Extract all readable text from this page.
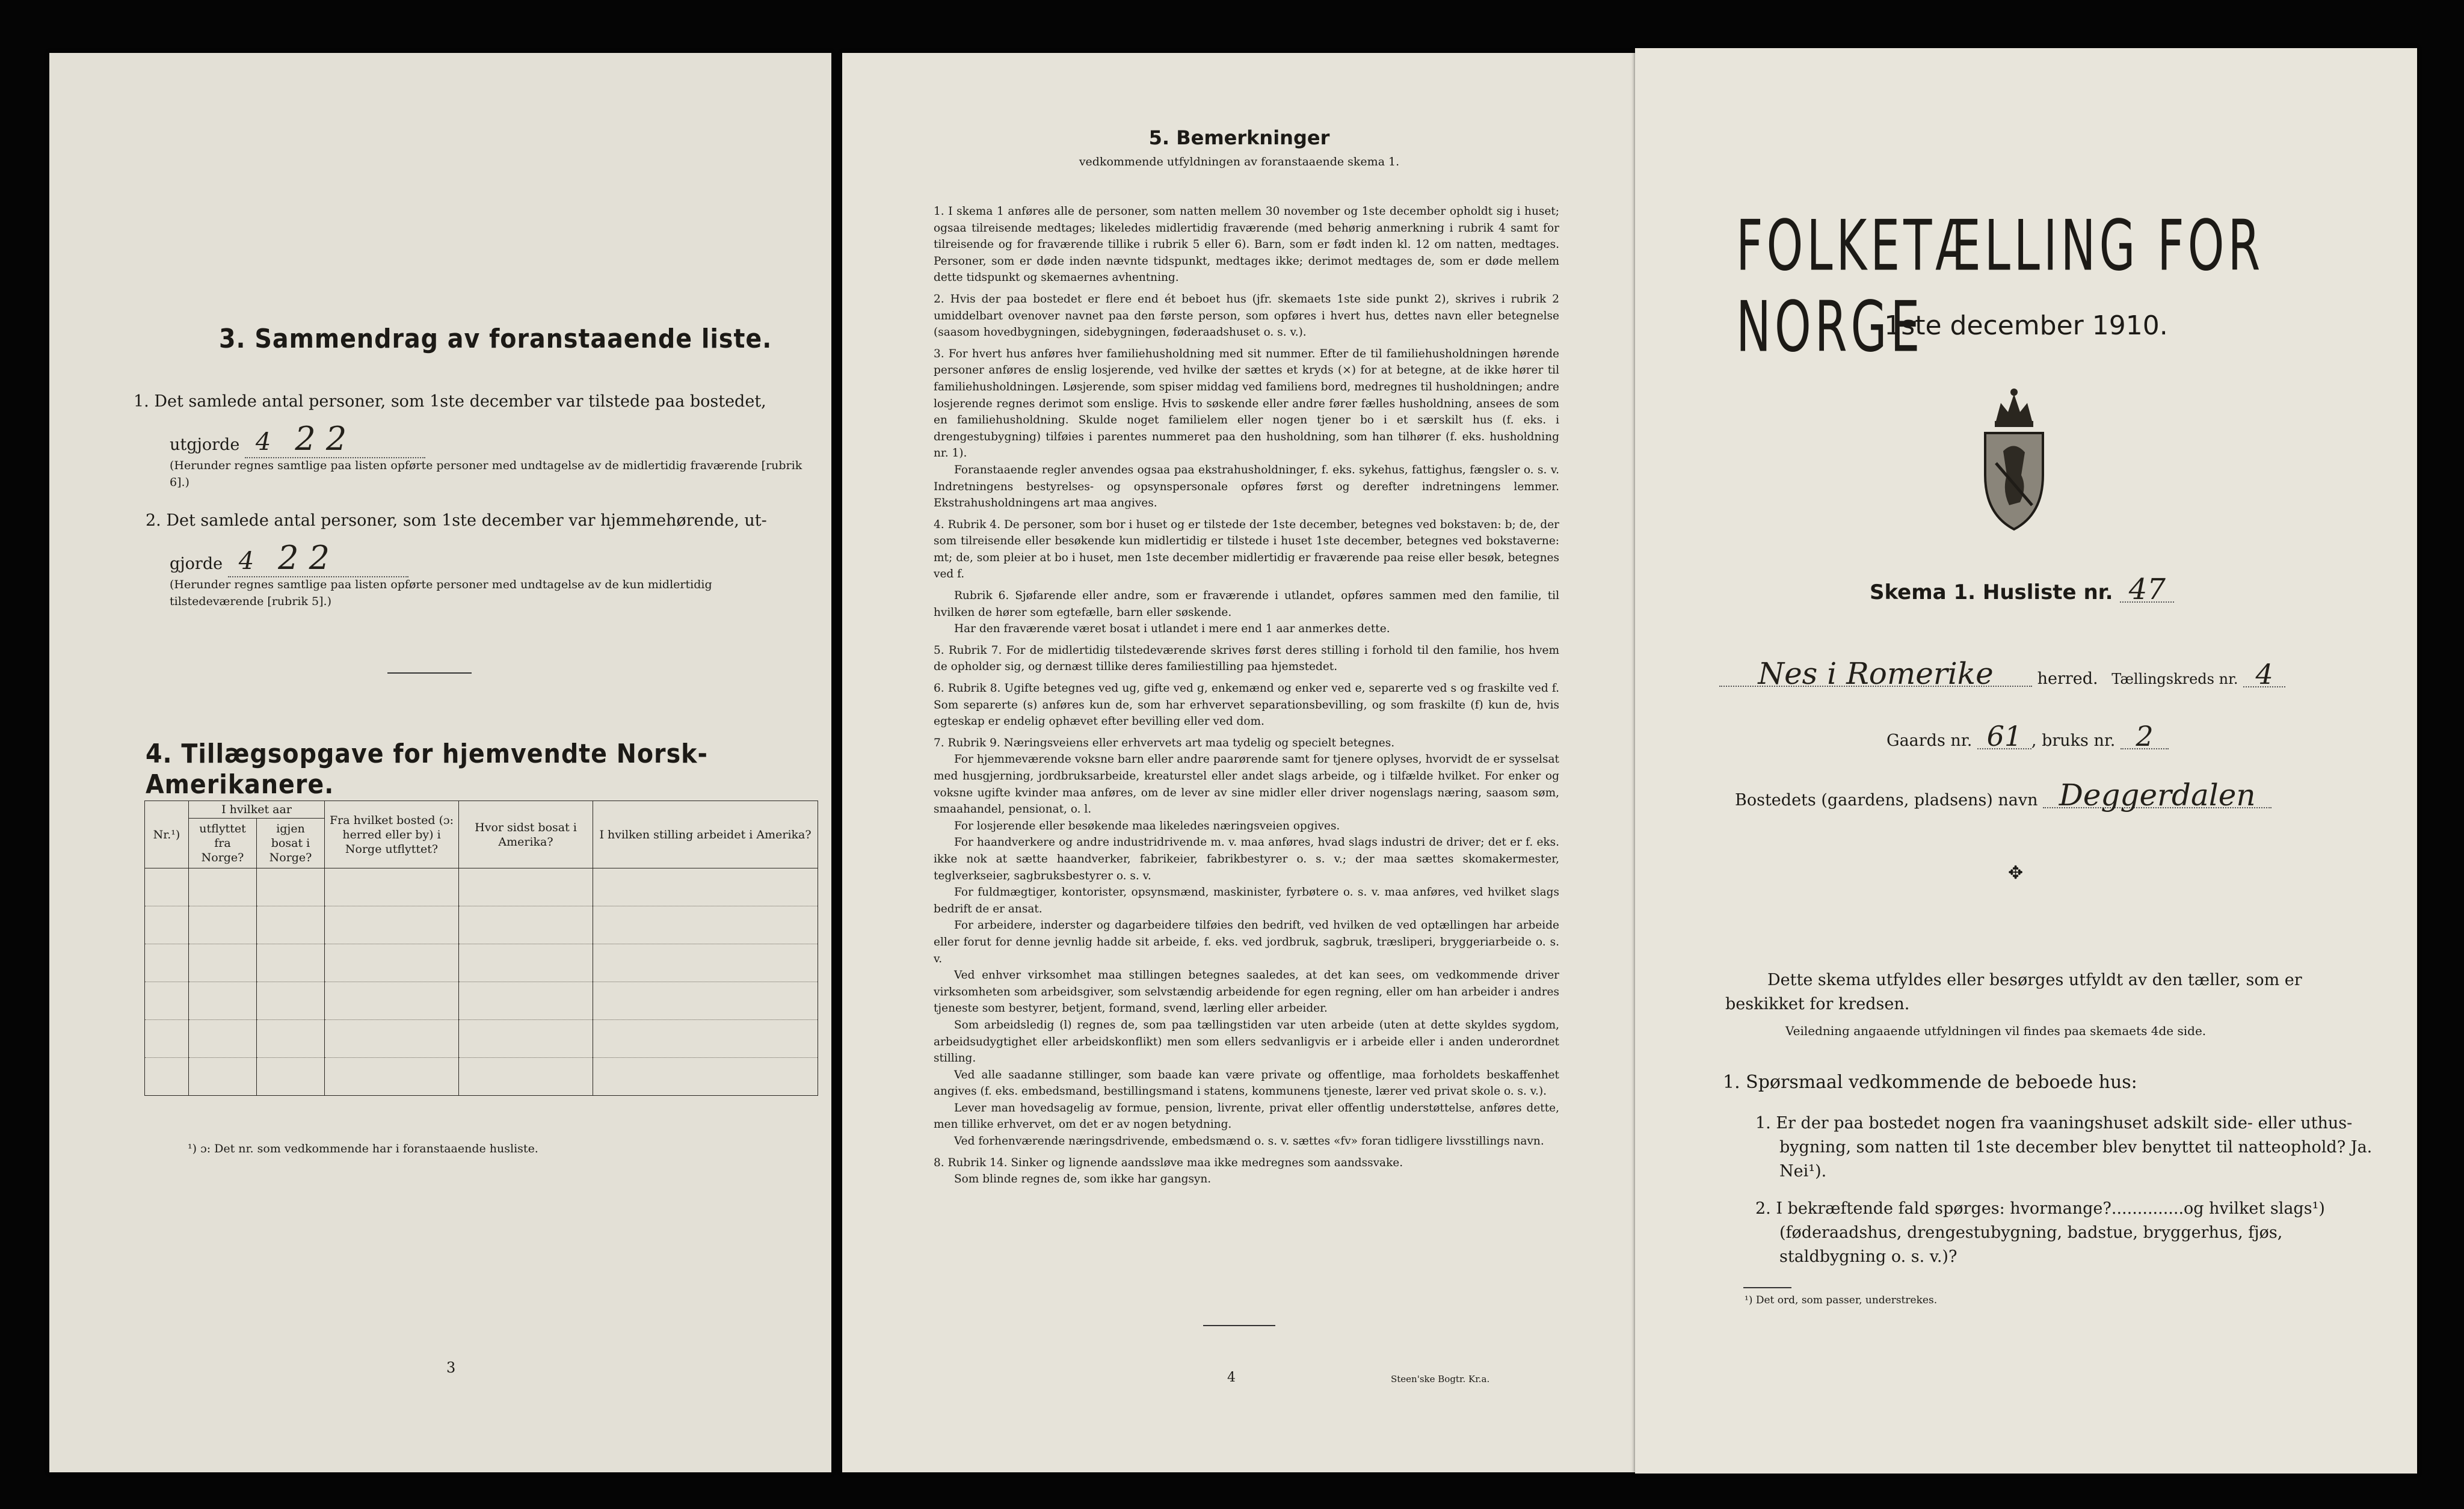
3. Sammendrag av foranstaaende liste.
1. Det samlede antal personer, som 1ste december var tilstede paa bostedet,
utgjorde 4 2 2
(Herunder regnes samtlige paa listen opførte personer med undtagelse av de midlertidig fraværende [rubrik 6].)
2. Det samlede antal personer, som 1ste december var hjemmehørende, ut-
gjorde 4 2 2
(Herunder regnes samtlige paa listen opførte personer med undtagelse av de kun midlertidig tilstedeværende [rubrik 5].)
4. Tillægsopgave for hjemvendte Norsk-Amerikanere.
Nr.¹)	I hvilket aar		Fra hvilket bosted (ɔ: herred eller by) i Norge utflyttet?	Hvor sidst bosat i Amerika?	I hvilken stilling arbeidet i Amerika?
	utflyttet fra Norge?	igjen bosat i Norge?			

¹) ɔ: Det nr. som vedkommende har i foranstaaende husliste.
3
5. Bemerkninger
vedkommende utfyldningen av foranstaaende skema 1.

1. I skema 1 anføres alle de personer, som natten mellem 30 november og 1ste december opholdt sig i huset; ogsaa tilreisende medtages; likeledes midlertidig fraværende (med behørig anmerkning i rubrik 4 samt for tilreisende og for fraværende tillike i rubrik 5 eller 6). Barn, som er født inden kl. 12 om natten, medtages. Personer, som er døde inden nævnte tidspunkt, medtages ikke; derimot medtages de, som er døde mellem dette tidspunkt og skemaernes avhentning.

2. Hvis der paa bostedet er flere end ét beboet hus (jfr. skemaets 1ste side punkt 2), skrives i rubrik 2 umiddelbart ovenover navnet paa den første person, som opføres i hvert hus, dettes navn eller betegnelse (saasom hovedbygningen, sidebygningen, føderaadshuset o. s. v.).

3. For hvert hus anføres hver familiehusholdning med sit nummer. Efter de til familiehusholdningen hørende personer anføres de enslig losjerende, ved hvilke der sættes et kryds (×) for at betegne, at de ikke hører til familiehusholdningen. Løsjerende, som spiser middag ved familiens bord, medregnes til husholdningen; andre losjerende regnes derimot som enslige. Hvis to søskende eller andre fører fælles husholdning, ansees de som en familiehusholdning. Skulde noget familielem eller nogen tjener bo i et særskilt hus (f. eks. i drengestubygning) tilføies i parentes nummeret paa den husholdning, som han tilhører (f. eks. husholdning nr. 1).

Foranstaaende regler anvendes ogsaa paa ekstrahusholdninger, f. eks. sykehus, fattighus, fængsler o. s. v. Indretningens bestyrelses- og opsynspersonale opføres først og derefter indretningens lemmer. Ekstrahusholdningens art maa angives.

4. Rubrik 4. De personer, som bor i huset og er tilstede der 1ste december, betegnes ved bokstaven: b; de, der som tilreisende eller besøkende kun midlertidig er tilstede i huset 1ste december, betegnes ved bokstaverne: mt; de, som pleier at bo i huset, men 1ste december midlertidig er fraværende paa reise eller besøk, betegnes ved f.

Rubrik 6. Sjøfarende eller andre, som er fraværende i utlandet, opføres sammen med den familie, til hvilken de hører som egtefælle, barn eller søskende.

Har den fraværende været bosat i utlandet i mere end 1 aar anmerkes dette.

5. Rubrik 7. For de midlertidig tilstedeværende skrives først deres stilling i forhold til den familie, hos hvem de opholder sig, og dernæst tillike deres familiestilling paa hjemstedet.

6. Rubrik 8. Ugifte betegnes ved ug, gifte ved g, enkemænd og enker ved e, separerte ved s og fraskilte ved f. Som separerte (s) anføres kun de, som har erhvervet separationsbevilling, og som fraskilte (f) kun de, hvis egteskap er endelig ophævet efter bevilling eller ved dom.

7. Rubrik 9. Næringsveiens eller erhvervets art maa tydelig og specielt betegnes.

For hjemmeværende voksne barn eller andre paarørende samt for tjenere oplyses, hvorvidt de er sysselsat med husgjerning, jordbruksarbeide, kreaturstel eller andet slags arbeide, og i tilfælde hvilket. For enker og voksne ugifte kvinder maa anføres, om de lever av sine midler eller driver nogenslags næring, saasom søm, smaahandel, pensionat, o. l.

For losjerende eller besøkende maa likeledes næringsveien opgives.

For haandverkere og andre industridrivende m. v. maa anføres, hvad slags industri de driver; det er f. eks. ikke nok at sætte haandverker, fabrikeier, fabrikbestyrer o. s. v.; der maa sættes skomakermester, teglverkseier, sagbruksbestyrer o. s. v.

For fuldmægtiger, kontorister, opsynsmænd, maskinister, fyrbøtere o. s. v. maa anføres, ved hvilket slags bedrift de er ansat.

For arbeidere, inderster og dagarbeidere tilføies den bedrift, ved hvilken de ved optællingen har arbeide eller forut for denne jevnlig hadde sit arbeide, f. eks. ved jordbruk, sagbruk, træsliperi, bryggeriarbeide o. s. v.

Ved enhver virksomhet maa stillingen betegnes saaledes, at det kan sees, om vedkommende driver virksomheten som arbeidsgiver, som selvstændig arbeidende for egen regning, eller om han arbeider i andres tjeneste som bestyrer, betjent, formand, svend, lærling eller arbeider.

Som arbeidsledig (l) regnes de, som paa tællingstiden var uten arbeide (uten at dette skyldes sygdom, arbeidsudygtighet eller arbeidskonflikt) men som ellers sedvanligvis er i arbeide eller i anden underordnet stilling.

Ved alle saadanne stillinger, som baade kan være private og offentlige, maa forholdets beskaffenhet angives (f. eks. embedsmand, bestillingsmand i statens, kommunens tjeneste, lærer ved privat skole o. s. v.).

Lever man hovedsagelig av formue, pension, livrente, privat eller offentlig understøttelse, anføres dette, men tillike erhvervet, om det er av nogen betydning.

Ved forhenværende næringsdrivende, embedsmænd o. s. v. sættes «fv» foran tidligere livsstillings navn.

8. Rubrik 14. Sinker og lignende aandssløve maa ikke medregnes som aandssvake.

Som blinde regnes de, som ikke har gangsyn.

4	Steen'ske Bogtr. Kr.a.
FOLKETÆLLING FOR NORGE
1ste december 1910.
Skema 1. Husliste nr. 47
Nes i Romerike	herred. Tællingskreds nr. 4
Gaards nr. 61 , bruks nr. 2
Bostedets (gaardens, pladsens) navn Deggerdalen
✥
Dette skema utfyldes eller besørges utfyldt av den tæller, som er beskikket for kredsen.
Veiledning angaaende utfyldningen vil findes paa skemaets 4de side.
1. Spørsmaal vedkommende de beboede hus:
1. Er der paa bostedet nogen fra vaaningshuset adskilt side- eller uthus-bygning, som natten til 1ste december blev benyttet til natteophold? Ja. Nei¹).
2. I bekræftende fald spørges: hvormange?..............og hvilket slags¹) (føderaadshus, drengestubygning, badstue, bryggerhus, fjøs, staldbygning o. s. v.)?
¹) Det ord, som passer, understrekes.
